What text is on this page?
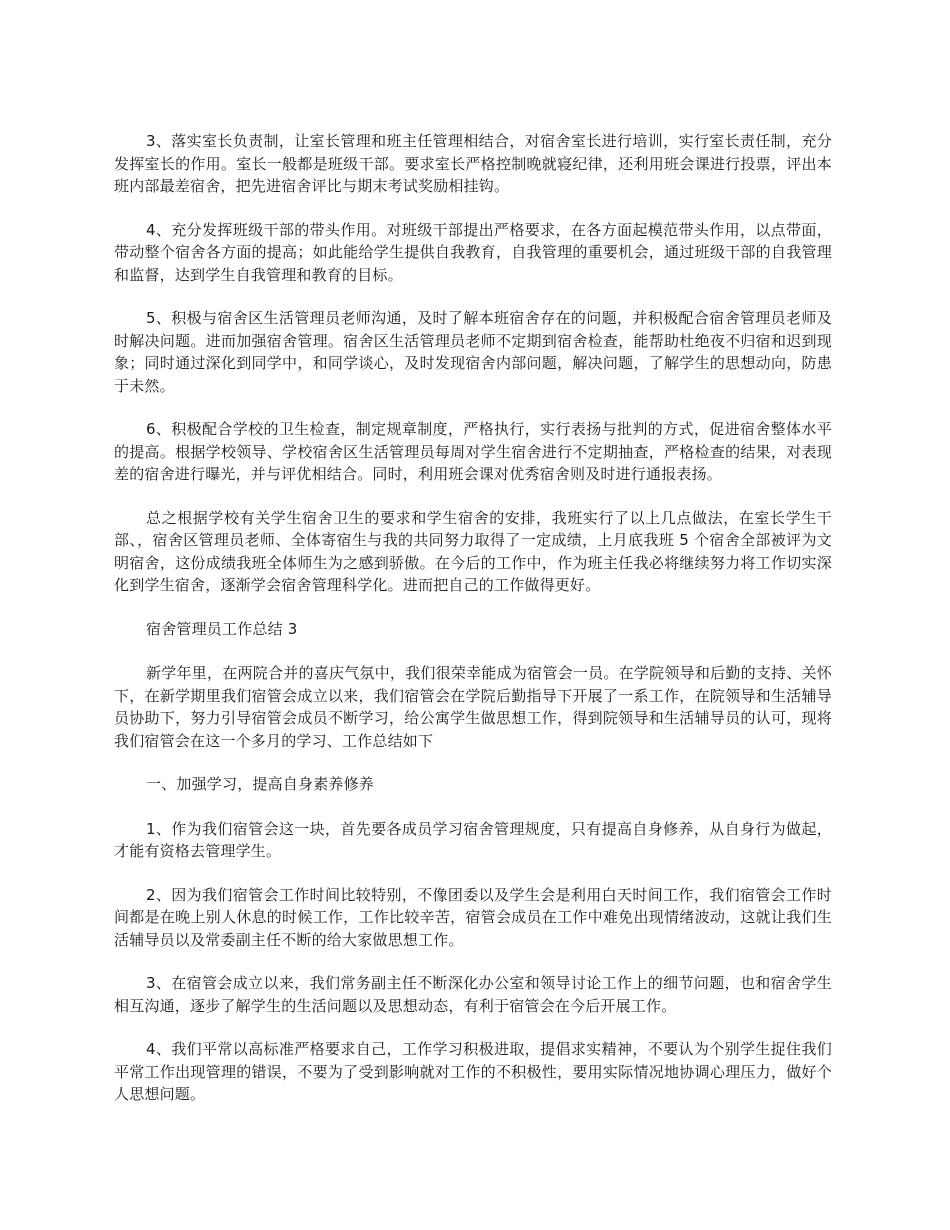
3、落实室长负责制，让室长管理和班主任管理相结合，对宿舍室长进行培训，实行室长责任制，充分发挥室长的作用。室长一般都是班级干部。要求室长严格控制晚就寝纪律，还利用班会课进行投票，评出本班内部最差宿舍，把先进宿舍评比与期末考试奖励相挂钩。

4、充分发挥班级干部的带头作用。对班级干部提出严格要求，在各方面起模范带头作用，以点带面，带动整个宿舍各方面的提高；如此能给学生提供自我教育，自我管理的重要机会，通过班级干部的自我管理和监督，达到学生自我管理和教育的目标。

5、积极与宿舍区生活管理员老师沟通，及时了解本班宿舍存在的问题，并积极配合宿舍管理员老师及时解决问题。进而加强宿舍管理。宿舍区生活管理员老师不定期到宿舍检查，能帮助杜绝夜不归宿和迟到现象；同时通过深化到同学中，和同学谈心，及时发现宿舍内部问题，解决问题，了解学生的思想动向，防患于未然。

6、积极配合学校的卫生检查，制定规章制度，严格执行，实行表扬与批判的方式，促进宿舍整体水平的提高。根据学校领导、学校宿舍区生活管理员每周对学生宿舍进行不定期抽查，严格检查的结果，对表现差的宿舍进行曝光，并与评优相结合。同时，利用班会课对优秀宿舍则及时进行通报表扬。

总之根据学校有关学生宿舍卫生的要求和学生宿舍的安排，我班实行了以上几点做法，在室长学生干部、，宿舍区管理员老师、全体寄宿生与我的共同努力取得了一定成绩，上月底我班 5 个宿舍全部被评为文明宿舍，这份成绩我班全体师生为之感到骄傲。在今后的工作中，作为班主任我必将继续努力将工作切实深化到学生宿舍，逐渐学会宿舍管理科学化。进而把自己的工作做得更好。

宿舍管理员工作总结 3

新学年里，在两院合并的喜庆气氛中，我们很荣幸能成为宿管会一员。在学院领导和后勤的支持、关怀下，在新学期里我们宿管会成立以来，我们宿管会在学院后勤指导下开展了一系工作，在院领导和生活辅导员协助下，努力引导宿管会成员不断学习，给公寓学生做思想工作，得到院领导和生活辅导员的认可，现将我们宿管会在这一个多月的学习、工作总结如下

一、加强学习，提高自身素养修养

1、作为我们宿管会这一块，首先要各成员学习宿舍管理规度，只有提高自身修养，从自身行为做起，才能有资格去管理学生。

2、因为我们宿管会工作时间比较特别，不像团委以及学生会是利用白天时间工作，我们宿管会工作时间都是在晚上别人休息的时候工作，工作比较辛苦，宿管会成员在工作中难免出现情绪波动，这就让我们生活辅导员以及常委副主任不断的给大家做思想工作。

3、在宿管会成立以来，我们常务副主任不断深化办公室和领导讨论工作上的细节问题，也和宿舍学生相互沟通，逐步了解学生的生活问题以及思想动态，有利于宿管会在今后开展工作。

4、我们平常以高标准严格要求自己，工作学习积极进取，提倡求实精神，不要认为个别学生捉住我们平常工作出现管理的错误，不要为了受到影响就对工作的不积极性，要用实际情况地协调心理压力，做好个人思想问题。
